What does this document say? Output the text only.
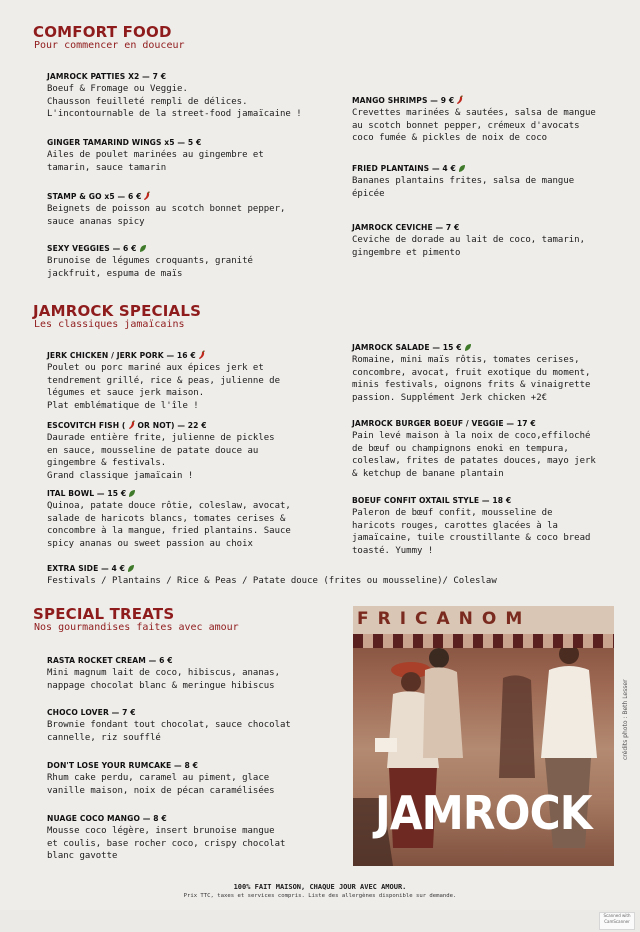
COMFORT FOOD
Pour commencer en douceur
JAMROCK PATTIES X2 — 7 €
Boeuf & Fromage ou Veggie.
Chausson feuilleté rempli de délices.
L'incontournable de la street-food jamaïcaine !
GINGER TAMARIND WINGS x5 — 5 €
Ailes de poulet marinées au gingembre et
tamarin, sauce tamarin
STAMP & GO x5 — 6 €
Beignets de poisson au scotch bonnet pepper,
sauce ananas spicy
SEXY VEGGIES — 6 €
Brunoise de légumes croquants, granité
jackfruit, espuma de maïs
MANGO SHRIMPS — 9 €
Crevettes marinées & sautées, salsa de mangue
au scotch bonnet pepper, crémeux d'avocats
coco fumée & pickles de noix de coco
FRIED PLANTAINS — 4 €
Bananes plantains frites, salsa de mangue
épicée
JAMROCK CEVICHE — 7 €
Ceviche de dorade au lait de coco, tamarin,
gingembre et pimento
JAMROCK SPECIALS
Les classiques jamaïcains
JERK CHICKEN / JERK PORK — 16 €
Poulet ou porc mariné aux épices jerk et
tendrement grillé, rice & peas, julienne de
légumes et sauce jerk maison.
Plat emblématique de l'île !
ESCOVITCH FISH ( OR NOT) — 22 €
Daurade entière frite, julienne de pickles
en sauce, mousseline de patate douce au
gingembre & festivals.
Grand classique jamaïcain !
ITAL BOWL — 15 €
Quinoa, patate douce rôtie, coleslaw, avocat,
salade de haricots blancs, tomates cerises &
concombre à la mangue, fried plantains. Sauce
spicy ananas ou sweet passion au choix
JAMROCK SALADE — 15 €
Romaine, mini maïs rôtis, tomates cerises,
concombre, avocat, fruit exotique du moment,
minis festivals, oignons frits & vinaigrette
passion. Supplément Jerk chicken +2€
JAMROCK BURGER BOEUF / VEGGIE — 17 €
Pain levé maison à la noix de coco,effiloché
de bœuf ou champignons enoki en tempura,
coleslaw, frites de patates douces, mayo jerk
& ketchup de banane plantain
BOEUF CONFIT OXTAIL STYLE — 18 €
Paleron de bœuf confit, mousseline de
haricots rouges, carottes glacées à la
jamaïcaine, tuile croustillante & coco bread
toasté. Yummy !
EXTRA SIDE — 4 €
Festivals / Plantains / Rice & Peas / Patate douce (frites ou mousseline)/ Coleslaw
SPECIAL TREATS
Nos gourmandises faites avec amour
RASTA ROCKET CREAM — 6 €
Mini magnum lait de coco, hibiscus, ananas,
nappage chocolat blanc & meringue hibiscus
CHOCO LOVER — 7 €
Brownie fondant tout chocolat, sauce chocolat
cannelle, riz soufflé
DON'T LOSE YOUR RUMCAKE — 8 €
Rhum cake perdu, caramel au piment, glace
vanille maison, noix de pécan caramélisées
NUAGE COCO MANGO — 8 €
Mousse coco légère, insert brunoise mangue
et coulis, base rocher coco, crispy chocolat
blanc gavotte
FRICANOM
JAMROCK
crédits photo : Beth Lesser
100% FAIT MAISON, CHAQUE JOUR AVEC AMOUR.
Prix TTC, taxes et services compris. Liste des allergènes disponible sur demande.
Scanned with
CamScanner
